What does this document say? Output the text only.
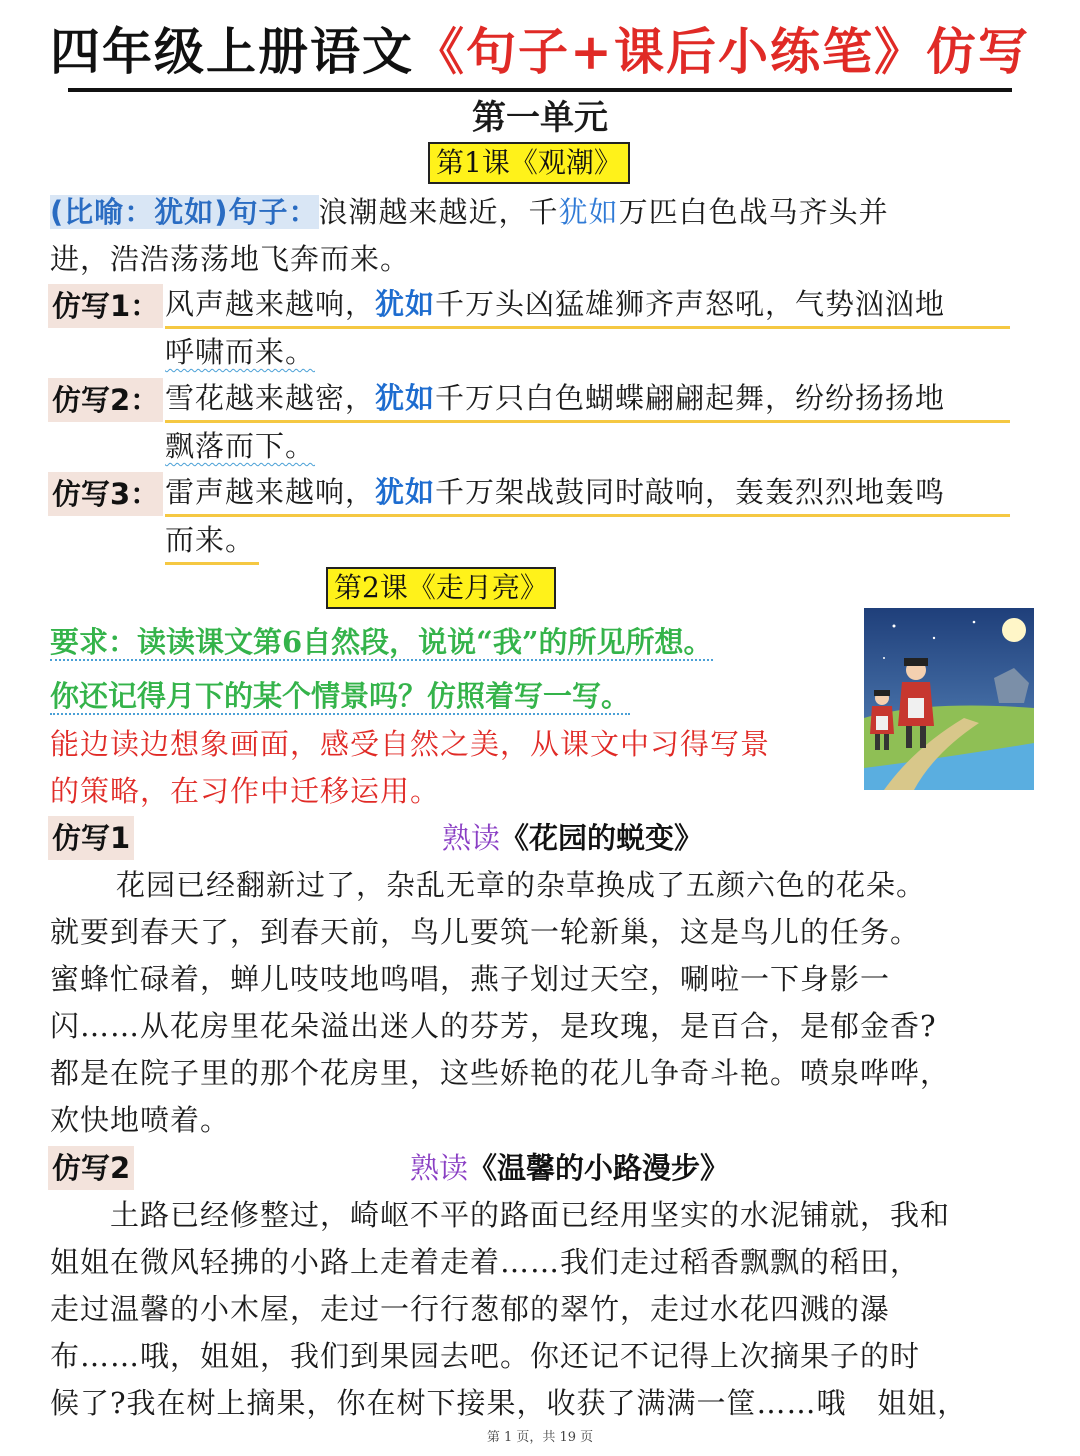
四年级上册语文《句子+课后小练笔》仿写
第一单元
第1课《观潮》
(比喻：犹如)句子：浪潮越来越近，千犹如万匹白色战马齐头并
进，浩浩荡荡地飞奔而来。
仿写1： 风声越来越响，犹如千万头凶猛雄狮齐声怒吼，气势汹汹地
呼啸而来。
仿写2： 雪花越来越密，犹如千万只白色蝴蝶翩翩起舞，纷纷扬扬地
飘落而下。
仿写3： 雷声越来越响，犹如千万架战鼓同时敲响，轰轰烈烈地轰鸣
而来。
第2课《走月亮》
要求：读读课文第6自然段，说说“我”的所见所想。
你还记得月下的某个情景吗？仿照着写一写。
能边读边想象画面，感受自然之美，从课文中习得写景
的策略，在习作中迁移运用。
仿写1	熟读《花园的蜕变》
花园已经翻新过了，杂乱无章的杂草换成了五颜六色的花朵。
就要到春天了，到春天前，鸟儿要筑一轮新巢，这是鸟儿的任务。
蜜蜂忙碌着，蝉儿吱吱地鸣唱，燕子划过天空，唰啦一下身影一
闪……从花房里花朵溢出迷人的芬芳，是玫瑰，是百合，是郁金香?
都是在院子里的那个花房里，这些娇艳的花儿争奇斗艳。喷泉哗哗，
欢快地喷着。
仿写2	熟读《温馨的小路漫步》
土路已经修整过，崎岖不平的路面已经用坚实的水泥铺就，我和
姐姐在微风轻拂的小路上走着走着……我们走过稻香飘飘的稻田，
走过温馨的小木屋，走过一行行葱郁的翠竹，走过水花四溅的瀑
布……哦，姐姐，我们到果园去吧。你还记不记得上次摘果子的时
候了?我在树上摘果，你在树下接果，收获了满满一筐……哦   姐姐，
第 1 页，共 19 页
